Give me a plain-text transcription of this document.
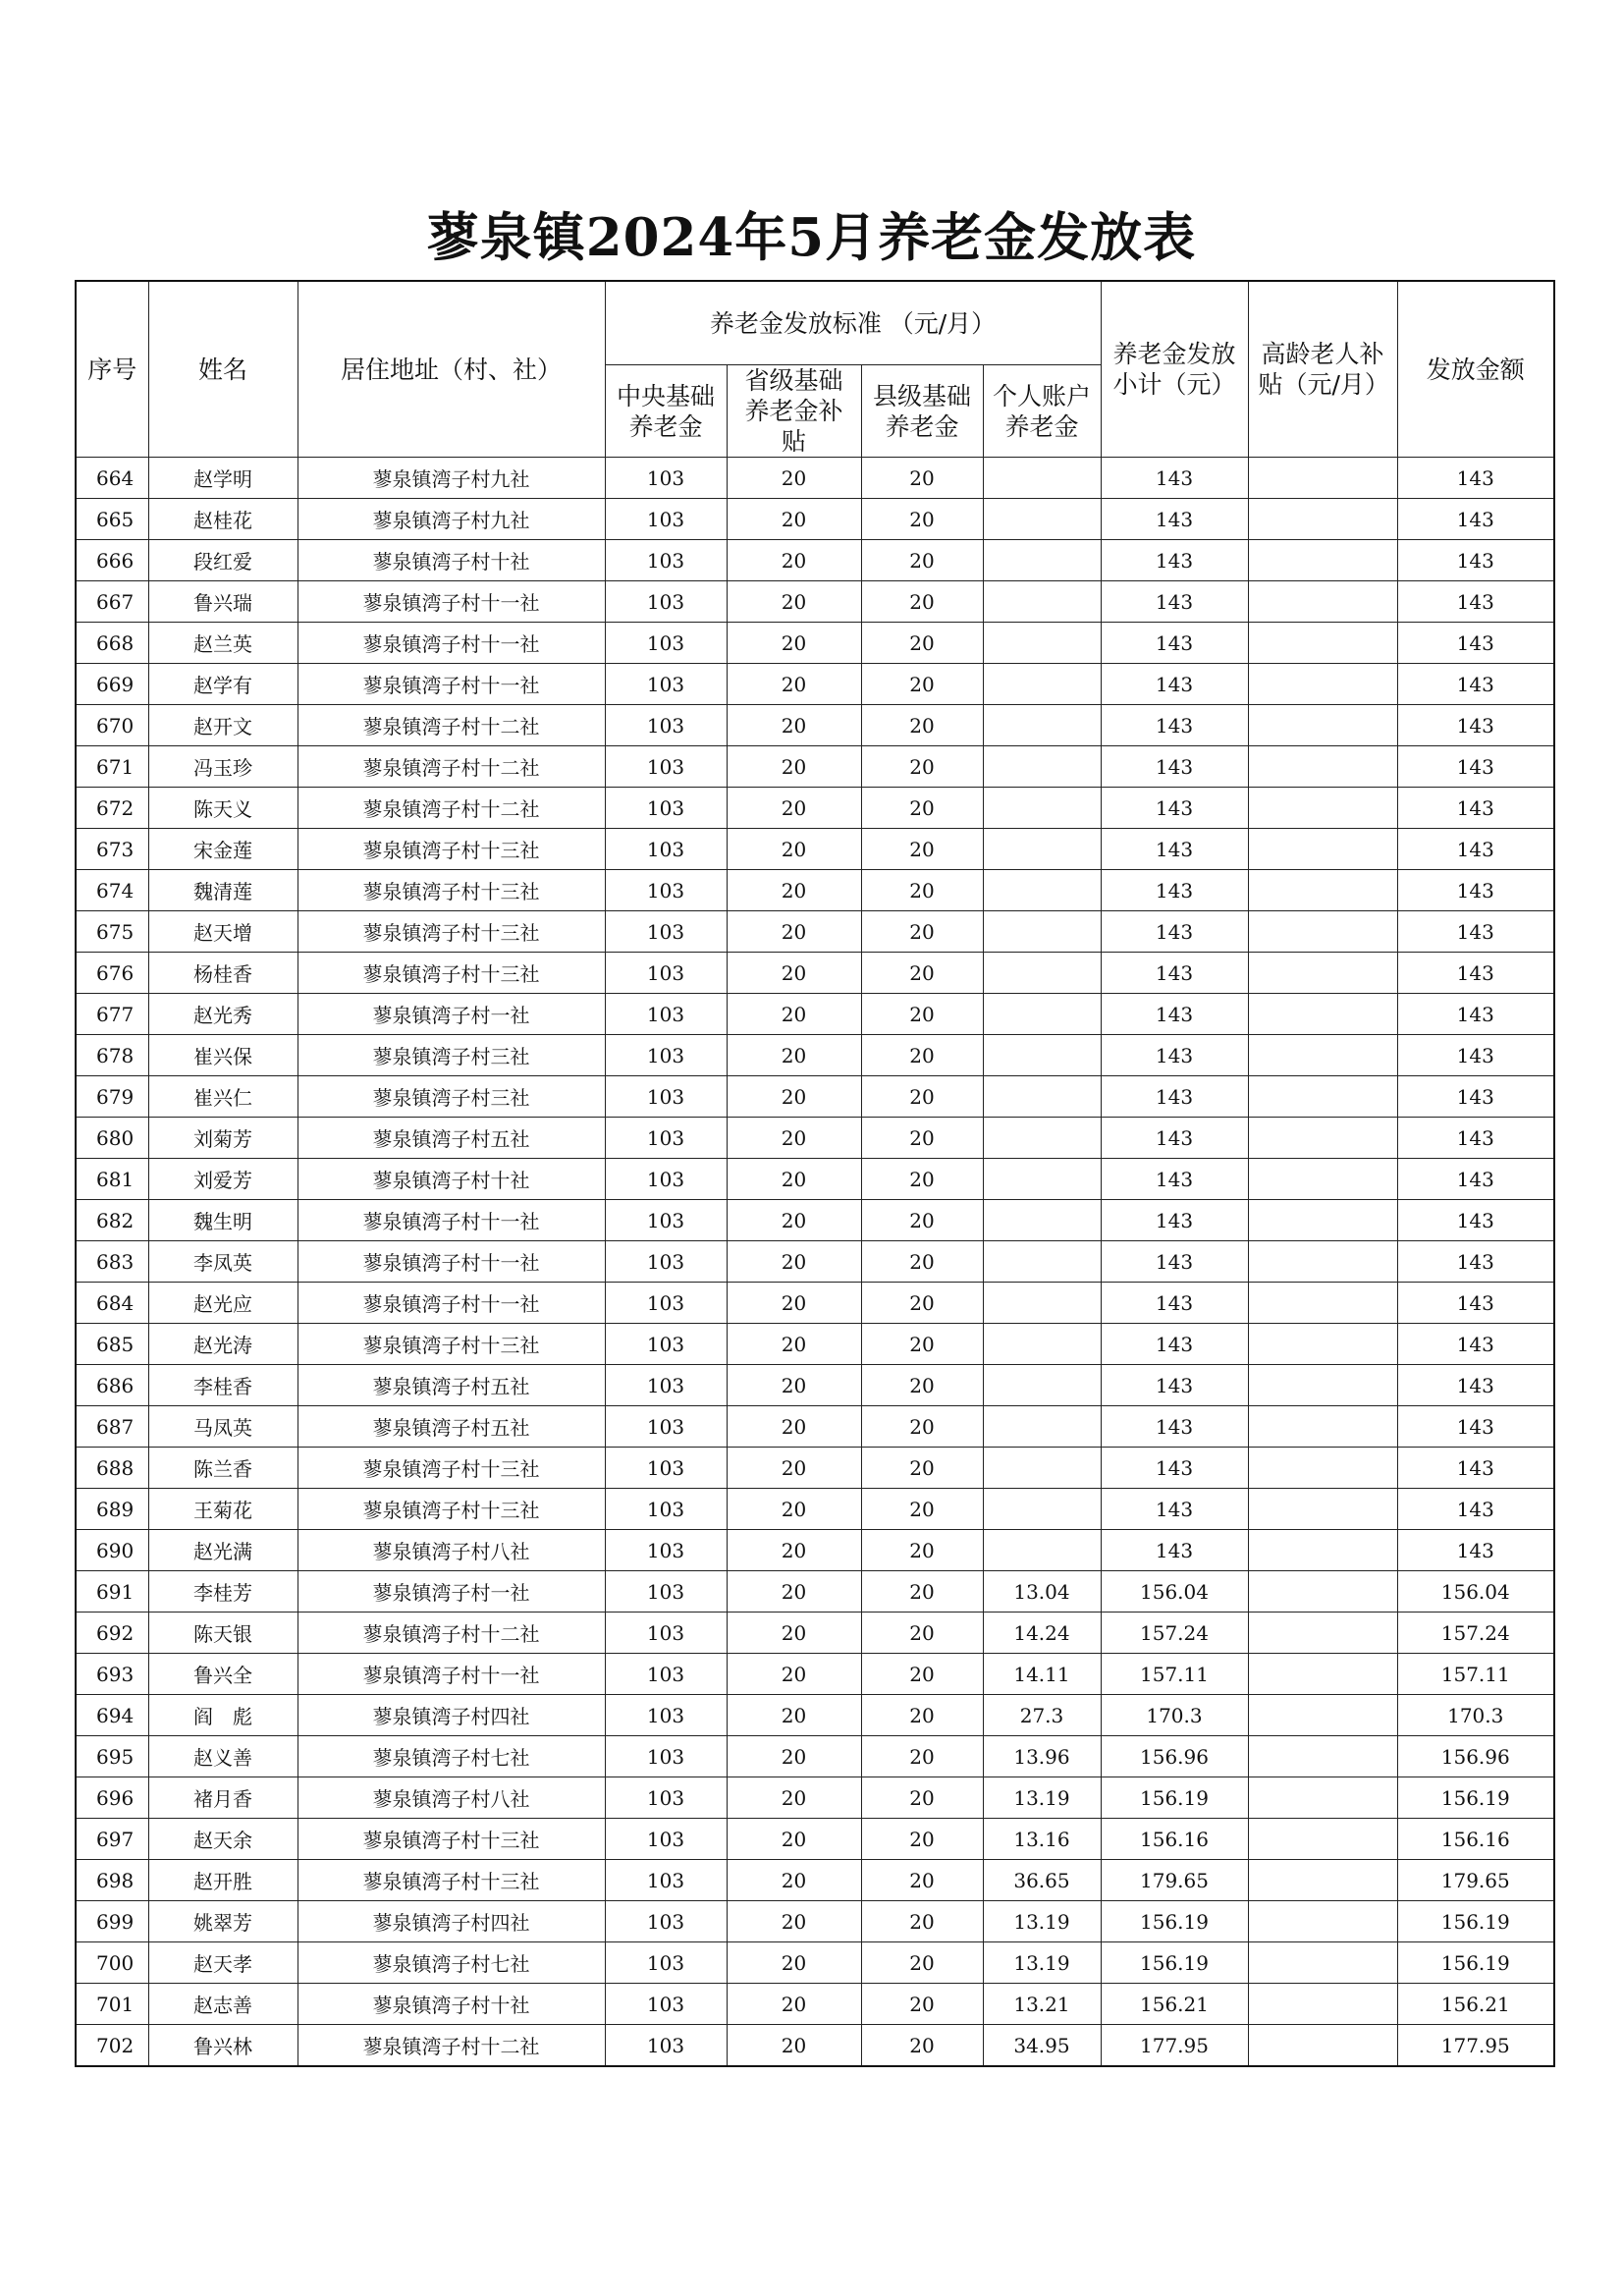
蓼泉镇2024年5月养老金发放表
序号	姓名	居住地址（村、社）	养老金发放标准 （元/月）				养老金发放小计（元）	高龄老人补贴（元/月）	发放金额
			中央基础养老金	省级基础养老金补贴	县级基础养老金	个人账户养老金			
664	赵学明	蓼泉镇湾子村九社	103	20	20		143		143
665	赵桂花	蓼泉镇湾子村九社	103	20	20		143		143
666	段红爱	蓼泉镇湾子村十社	103	20	20		143		143
667	鲁兴瑞	蓼泉镇湾子村十一社	103	20	20		143		143
668	赵兰英	蓼泉镇湾子村十一社	103	20	20		143		143
669	赵学有	蓼泉镇湾子村十一社	103	20	20		143		143
670	赵开文	蓼泉镇湾子村十二社	103	20	20		143		143
671	冯玉珍	蓼泉镇湾子村十二社	103	20	20		143		143
672	陈天义	蓼泉镇湾子村十二社	103	20	20		143		143
673	宋金莲	蓼泉镇湾子村十三社	103	20	20		143		143
674	魏清莲	蓼泉镇湾子村十三社	103	20	20		143		143
675	赵天增	蓼泉镇湾子村十三社	103	20	20		143		143
676	杨桂香	蓼泉镇湾子村十三社	103	20	20		143		143
677	赵光秀	蓼泉镇湾子村一社	103	20	20		143		143
678	崔兴保	蓼泉镇湾子村三社	103	20	20		143		143
679	崔兴仁	蓼泉镇湾子村三社	103	20	20		143		143
680	刘菊芳	蓼泉镇湾子村五社	103	20	20		143		143
681	刘爱芳	蓼泉镇湾子村十社	103	20	20		143		143
682	魏生明	蓼泉镇湾子村十一社	103	20	20		143		143
683	李凤英	蓼泉镇湾子村十一社	103	20	20		143		143
684	赵光应	蓼泉镇湾子村十一社	103	20	20		143		143
685	赵光涛	蓼泉镇湾子村十三社	103	20	20		143		143
686	李桂香	蓼泉镇湾子村五社	103	20	20		143		143
687	马凤英	蓼泉镇湾子村五社	103	20	20		143		143
688	陈兰香	蓼泉镇湾子村十三社	103	20	20		143		143
689	王菊花	蓼泉镇湾子村十三社	103	20	20		143		143
690	赵光满	蓼泉镇湾子村八社	103	20	20		143		143
691	李桂芳	蓼泉镇湾子村一社	103	20	20	13.04	156.04		156.04
692	陈天银	蓼泉镇湾子村十二社	103	20	20	14.24	157.24		157.24
693	鲁兴全	蓼泉镇湾子村十一社	103	20	20	14.11	157.11		157.11
694	阎　彪	蓼泉镇湾子村四社	103	20	20	27.3	170.3		170.3
695	赵义善	蓼泉镇湾子村七社	103	20	20	13.96	156.96		156.96
696	褚月香	蓼泉镇湾子村八社	103	20	20	13.19	156.19		156.19
697	赵天余	蓼泉镇湾子村十三社	103	20	20	13.16	156.16		156.16
698	赵开胜	蓼泉镇湾子村十三社	103	20	20	36.65	179.65		179.65
699	姚翠芳	蓼泉镇湾子村四社	103	20	20	13.19	156.19		156.19
700	赵天孝	蓼泉镇湾子村七社	103	20	20	13.19	156.19		156.19
701	赵志善	蓼泉镇湾子村十社	103	20	20	13.21	156.21		156.21
702	鲁兴林	蓼泉镇湾子村十二社	103	20	20	34.95	177.95		177.95
